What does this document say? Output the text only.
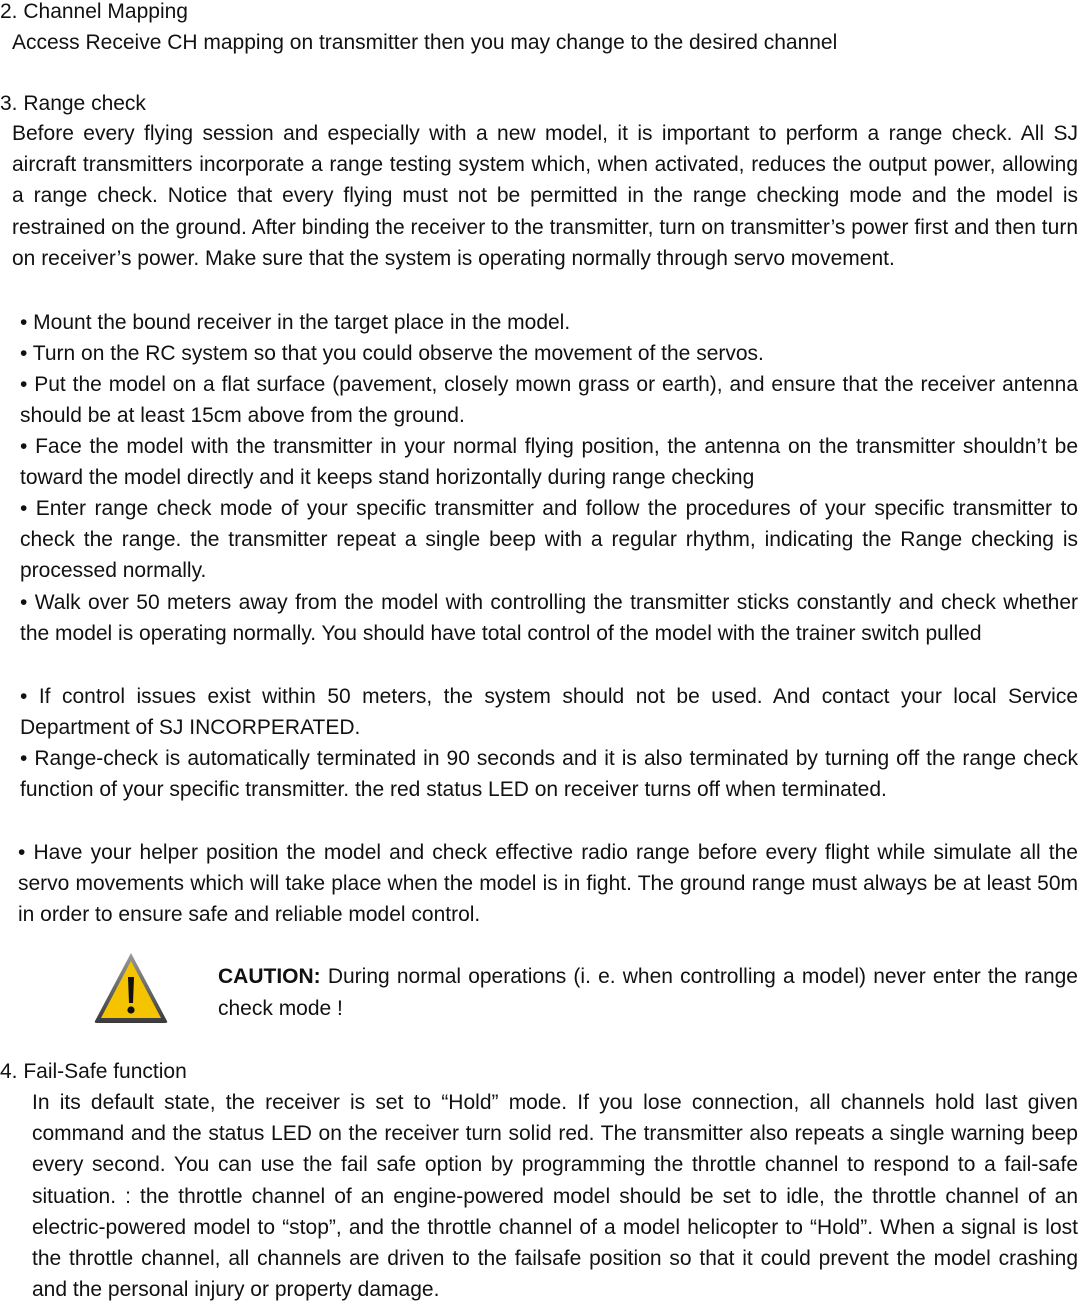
2. Channel Mapping
Access Receive CH mapping on transmitter then you may change to the desired channel
3. Range check
Before every flying session and especially with a new model, it is important to perform a range check. All SJ aircraft transmitters incorporate a range testing system which, when activated, reduces the output power, allowing a range check. Notice that every flying must not be permitted in the range checking mode and the model is restrained on the ground. After binding the receiver to the transmitter, turn on transmitter’s power first and then turn on receiver’s power. Make sure that the system is operating normally through servo movement.
• Mount the bound receiver in the target place in the model.
• Turn on the RC system so that you could observe the movement of the servos.
• Put the model on a flat surface (pavement, closely mown grass or earth), and ensure that the receiver antenna should be at least 15cm above from the ground.
• Face the model with the transmitter in your normal flying position, the antenna on the transmitter shouldn’t be toward the model directly and it keeps stand horizontally during range checking
• Enter range check mode of your specific transmitter and follow the procedures of your specific transmitter to check the range. the transmitter repeat a single beep with a regular rhythm, indicating the Range checking is processed normally.
• Walk over 50 meters away from the model with controlling the transmitter sticks constantly and check whether the model is operating normally. You should have total control of the model with the trainer switch pulled
• If control issues exist within 50 meters, the system should not be used. And contact your local Service Department of SJ INCORPERATED.
• Range-check is automatically terminated in 90 seconds and it is also terminated by turning off the range check function of your specific transmitter. the red status LED on receiver turns off when terminated.
• Have your helper position the model and check effective radio range before every flight while simulate all the servo movements which will take place when the model is in fight. The ground range must always be at least 50m in order to ensure safe and reliable model control.
CAUTION: During normal operations (i. e. when controlling a model) never enter the range check mode !
4. Fail-Safe function
In its default state, the receiver is set to “Hold” mode. If you lose connection, all channels hold last given command and the status LED on the receiver turn solid red. The transmitter also repeats a single warning beep every second. You can use the fail safe option by programming the throttle channel to respond to a fail-safe situation. : the throttle channel of an engine-powered model should be set to idle, the throttle channel of an electric-powered model to “stop”, and the throttle channel of a model helicopter to “Hold”. When a signal is lost the throttle channel, all channels are driven to the failsafe position so that it could prevent the model crashing and the personal injury or property damage.
